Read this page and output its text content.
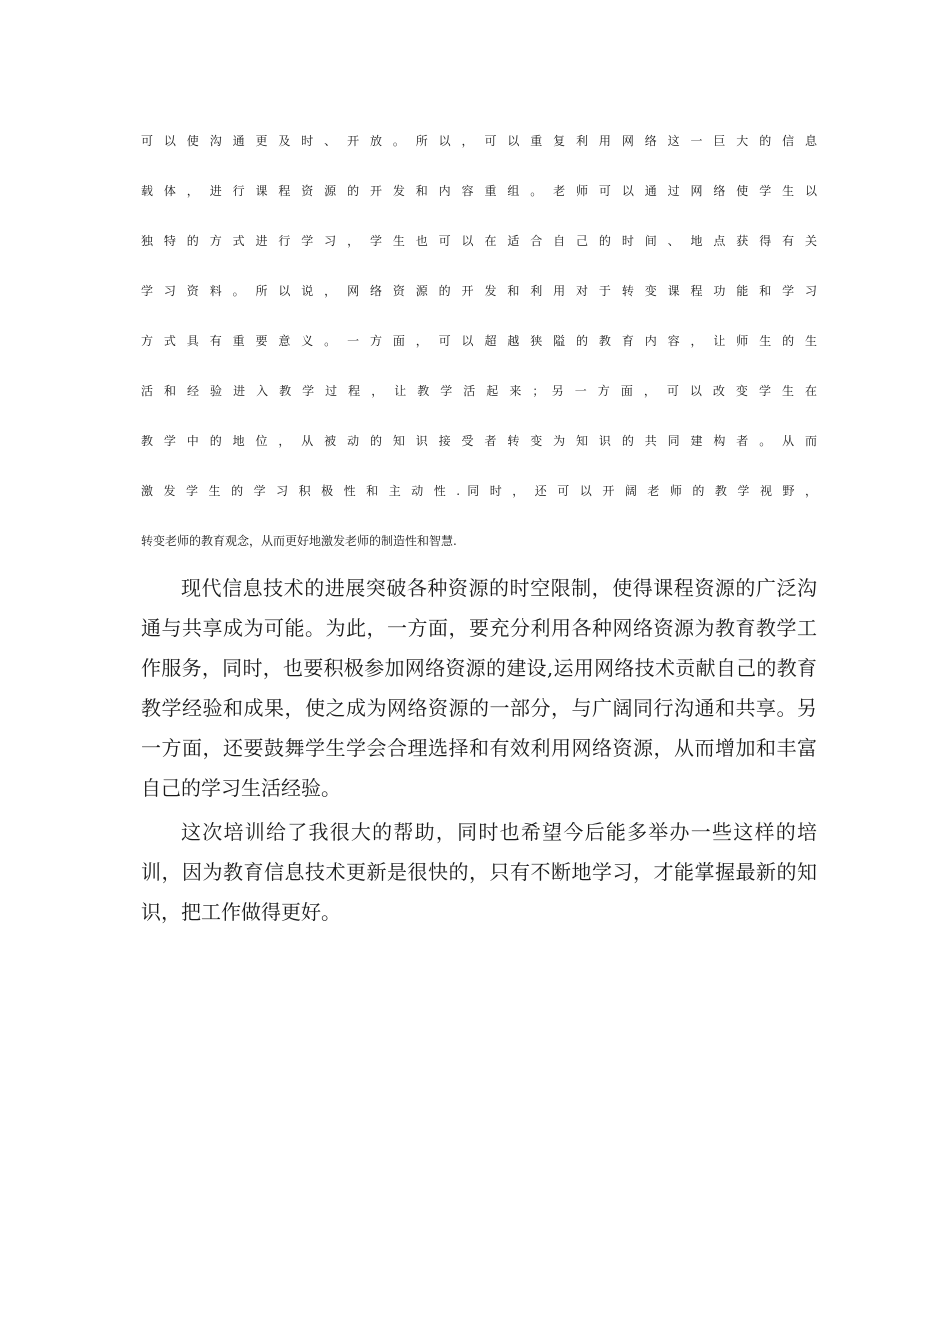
可 以 使 沟 通 更 及 时 、 开 放 。 所 以 ， 可 以 重 复 利 用 网 络 这 一 巨 大 的 信 息
载 体 ， 进 行 课 程 资 源 的 开 发 和 内 容 重 组 。 老 师 可 以 通 过 网 络 使 学 生 以
独 特 的 方 式 进 行 学 习 ， 学 生 也 可 以 在 适 合 自 己 的 时 间 、 地 点 获 得 有 关
学 习 资 料 。 所 以 说 ， 网 络 资 源 的 开 发 和 利 用 对 于 转 变 课 程 功 能 和 学 习
方 式 具 有 重 要 意 义 。 一 方 面 ， 可 以 超 越 狭 隘 的 教 育 内 容 ， 让 师 生 的 生
活 和 经 验 进 入 教 学 过 程 ， 让 教 学 活 起 来 ； 另 一 方 面 ， 可 以 改 变 学 生 在
教 学 中 的 地 位 ， 从 被 动 的 知 识 接 受 者 转 变 为 知 识 的 共 同 建 构 者 。 从 而
激 发 学 生 的 学 习 积 极 性 和 主 动 性 . 同 时 ， 还 可 以 开 阔 老 师 的 教 学 视 野 ，
转变老师的教育观念，从而更好地激发老师的制造性和智慧.

现代信息技术的进展突破各种资源的时空限制，使得课程资源的广泛沟通与共享成为可能。为此，一方面，要充分利用各种网络资源为教育教学工作服务，同时，也要积极参加网络资源的建设,运用网络技术贡献自己的教育教学经验和成果，使之成为网络资源的一部分，与广阔同行沟通和共享。另一方面，还要鼓舞学生学会合理选择和有效利用网络资源，从而增加和丰富自己的学习生活经验。

这次培训给了我很大的帮助，同时也希望今后能多举办一些这样的培训，因为教育信息技术更新是很快的，只有不断地学习，才能掌握最新的知识，把工作做得更好。
